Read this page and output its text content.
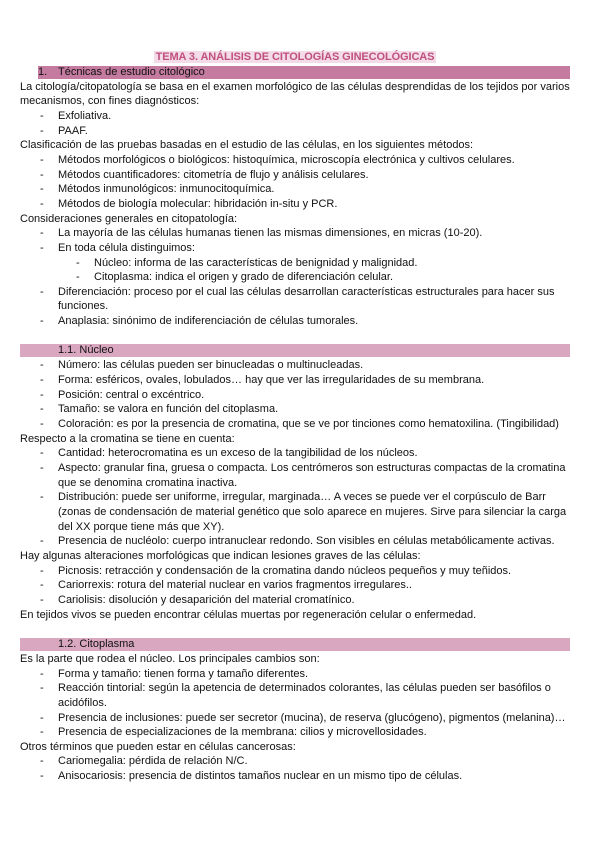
TEMA 3. ANÁLISIS DE CITOLOGÍAS GINECOLÓGICAS
1. Técnicas de estudio citológico
La citología/citopatología se basa en el examen morfológico de las células desprendidas de los tejidos por varios mecanismos, con fines diagnósticos:
- Exfoliativa.
- PAAF.
Clasificación de las pruebas basadas en el estudio de las células, en los siguientes métodos:
- Métodos morfológicos o biológicos: histoquímica, microscopía electrónica y cultivos celulares.
- Métodos cuantificadores: citometría de flujo y análisis celulares.
- Métodos inmunológicos: inmunocitoquímica.
- Métodos de biología molecular: hibridación in-situ y PCR.
Consideraciones generales en citopatología:
- La mayoría de las células humanas tienen las mismas dimensiones, en micras (10-20).
- En toda célula distinguimos:
- Núcleo: informa de las características de benignidad y malignidad.
- Citoplasma: indica el origen y grado de diferenciación celular.
- Diferenciación: proceso por el cual las células desarrollan características estructurales para hacer sus funciones.
- Anaplasia: sinónimo de indiferenciación de células tumorales.
1.1. Núcleo
- Número: las células pueden ser binucleadas o multinucleadas.
- Forma: esféricos, ovales, lobulados… hay que ver las irregularidades de su membrana.
- Posición: central o excéntrico.
- Tamaño: se valora en función del citoplasma.
- Coloración: es por la presencia de cromatina, que se ve por tinciones como hematoxilina. (Tingibilidad)
Respecto a la cromatina se tiene en cuenta:
- Cantidad: heterocromatina es un exceso de la tangibilidad de los núcleos.
- Aspecto: granular fina, gruesa o compacta. Los centrómeros son estructuras compactas de la cromatina que se denomina cromatina inactiva.
- Distribución: puede ser uniforme, irregular, marginada… A veces se puede ver el corpúsculo de Barr (zonas de condensación de material genético que solo aparece en mujeres. Sirve para silenciar la carga del XX porque tiene más que XY).
- Presencia de nucléolo: cuerpo intranuclear redondo. Son visibles en células metabólicamente activas.
Hay algunas alteraciones morfológicas que indican lesiones graves de las células:
- Picnosis: retracción y condensación de la cromatina dando núcleos pequeños y muy teñidos.
- Cariorrexis: rotura del material nuclear en varios fragmentos irregulares..
- Cariolisis: disolución y desaparición del material cromatínico.
En tejidos vivos se pueden encontrar células muertas por regeneración celular o enfermedad.
1.2. Citoplasma
Es la parte que rodea el núcleo. Los principales cambios son:
- Forma y tamaño: tienen forma y tamaño diferentes.
- Reacción tintorial: según la apetencia de determinados colorantes, las células pueden ser basófilos o acidófilos.
- Presencia de inclusiones: puede ser secretor (mucina), de reserva (glucógeno), pigmentos (melanina)…
- Presencia de especializaciones de la membrana: cilios y microvellosidades.
Otros términos que pueden estar en células cancerosas:
- Cariomegalia: pérdida de relación N/C.
- Anisocariosis: presencia de distintos tamaños nuclear en un mismo tipo de células.
